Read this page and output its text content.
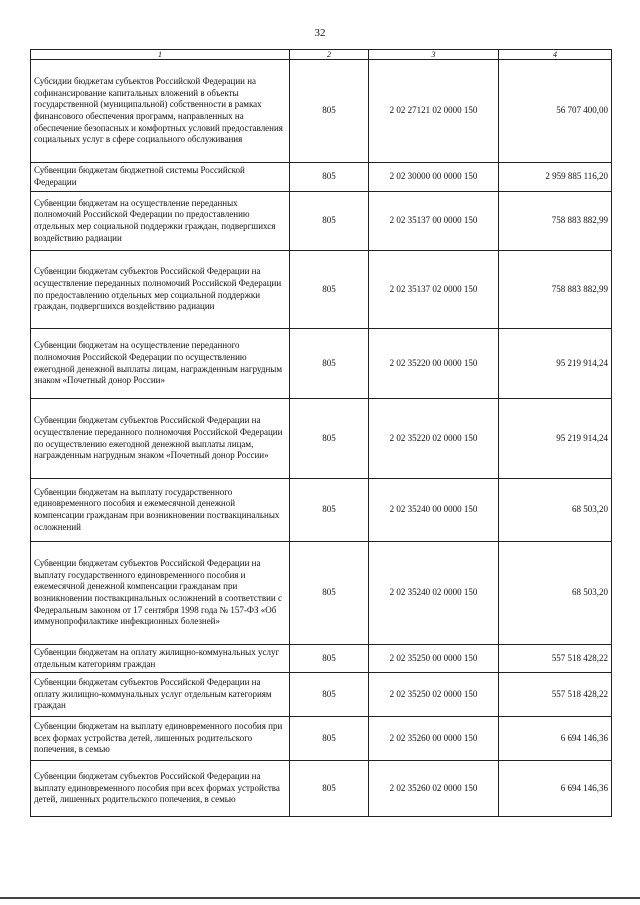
32
1	2	3	4
Субсидии бюджетам субъектов Российской Федерации на софинансирование капитальных вложений в объекты государственной (муниципальной) собственности в рамках финансового обеспечения программ, направленных на обеспечение безопасных и комфортных условий предоставления социальных услуг в сфере социального обслуживания	805	2 02 27121 02 0000 150	56 707 400,00
Субвенции бюджетам бюджетной системы Российской Федерации	805	2 02 30000 00 0000 150	2 959 885 116,20
Субвенции бюджетам на осуществление переданных полномочий Российской Федерации по предоставлению отдельных мер социальной поддержки граждан, подвергшихся воздействию радиации	805	2 02 35137 00 0000 150	758 883 882,99
Субвенции бюджетам субъектов Российской Федерации на осуществление переданных полномочий Российской Федерации по предоставлению отдельных мер социальной поддержки граждан, подвергшихся воздействию радиации	805	2 02 35137 02 0000 150	758 883 882,99
Субвенции бюджетам на осуществление переданного полномочия Российской Федерации по осуществлению ежегодной денежной выплаты лицам, награжденным нагрудным знаком «Почетный донор России»	805	2 02 35220 00 0000 150	95 219 914,24
Субвенции бюджетам субъектов Российской Федерации на осуществление переданного полномочия Российской Федерации по осуществлению ежегодной денежной выплаты лицам, награжденным нагрудным знаком «Почетный донор России»	805	2 02 35220 02 0000 150	95 219 914,24
Субвенции бюджетам на выплату государственного единовременного пособия и ежемесячной денежной компенсации гражданам при возникновении поствакцинальных осложнений	805	2 02 35240 00 0000 150	68 503,20
Субвенции бюджетам субъектов Российской Федерации на выплату государственного единовременного пособия и ежемесячной денежной компенсации гражданам при возникновении поствакцинальных осложнений в соответствии с Федеральным законом от 17 сентября 1998 года № 157-ФЗ «Об иммунопрофилактике инфекционных болезней»	805	2 02 35240 02 0000 150	68 503,20
Субвенции бюджетам на оплату жилищно-коммунальных услуг отдельным категориям граждан	805	2 02 35250 00 0000 150	557 518 428,22
Субвенции бюджетам субъектов Российской Федерации на оплату жилищно-коммунальных услуг отдельным категориям граждан	805	2 02 35250 02 0000 150	557 518 428,22
Субвенции бюджетам на выплату единовременного пособия при всех формах устройства детей, лишенных родительского попечения, в семью	805	2 02 35260 00 0000 150	6 694 146,36
Субвенции бюджетам субъектов Российской Федерации на выплату единовременного пособия при всех формах устройства детей, лишенных родительского попечения, в семью	805	2 02 35260 02 0000 150	6 694 146,36
